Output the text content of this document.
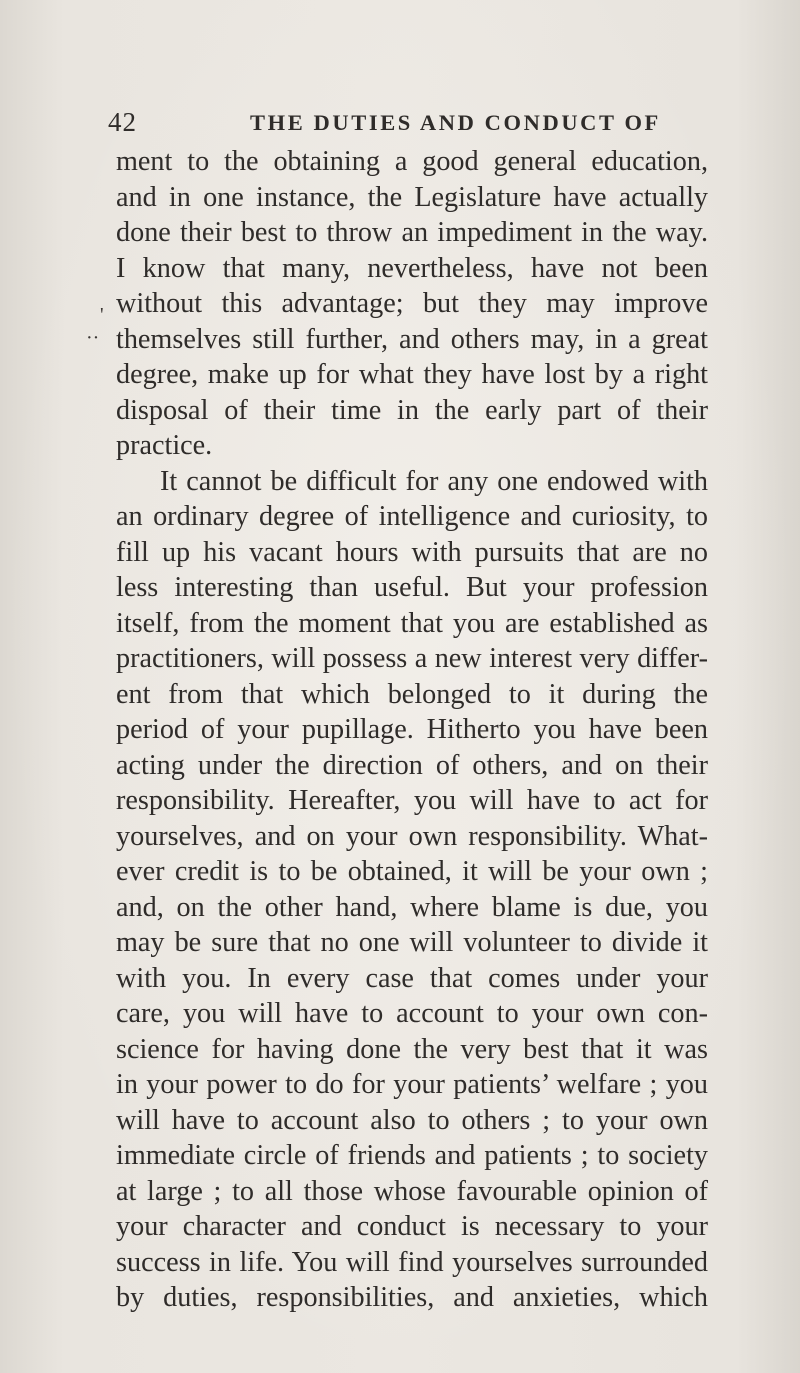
42	THE DUTIES AND CONDUCT OF
'
··
ment to the obtaining a good general education,
and in one instance, the Legislature have actually
done their best to throw an impediment in the way.
I know that many, nevertheless, have not been
without this advantage; but they may improve
themselves still further, and others may, in a great
degree, make up for what they have lost by a right
disposal of their time in the early part of their
practice.
It cannot be difficult for any one endowed with
an ordinary degree of intelligence and curiosity, to
fill up his vacant hours with pursuits that are no
less interesting than useful. But your profession
itself, from the moment that you are established as
practitioners, will possess a new interest very differ-
ent from that which belonged to it during the
period of your pupillage. Hitherto you have been
acting under the direction of others, and on their
responsibility. Hereafter, you will have to act for
yourselves, and on your own responsibility. What-
ever credit is to be obtained, it will be your own ;
and, on the other hand, where blame is due, you
may be sure that no one will volunteer to divide it
with you. In every case that comes under your
care, you will have to account to your own con-
science for having done the very best that it was
in your power to do for your patients’ welfare ; you
will have to account also to others ; to your own
immediate circle of friends and patients ; to society
at large ; to all those whose favourable opinion of
your character and conduct is necessary to your
success in life. You will find yourselves surrounded
by duties, responsibilities, and anxieties, which
